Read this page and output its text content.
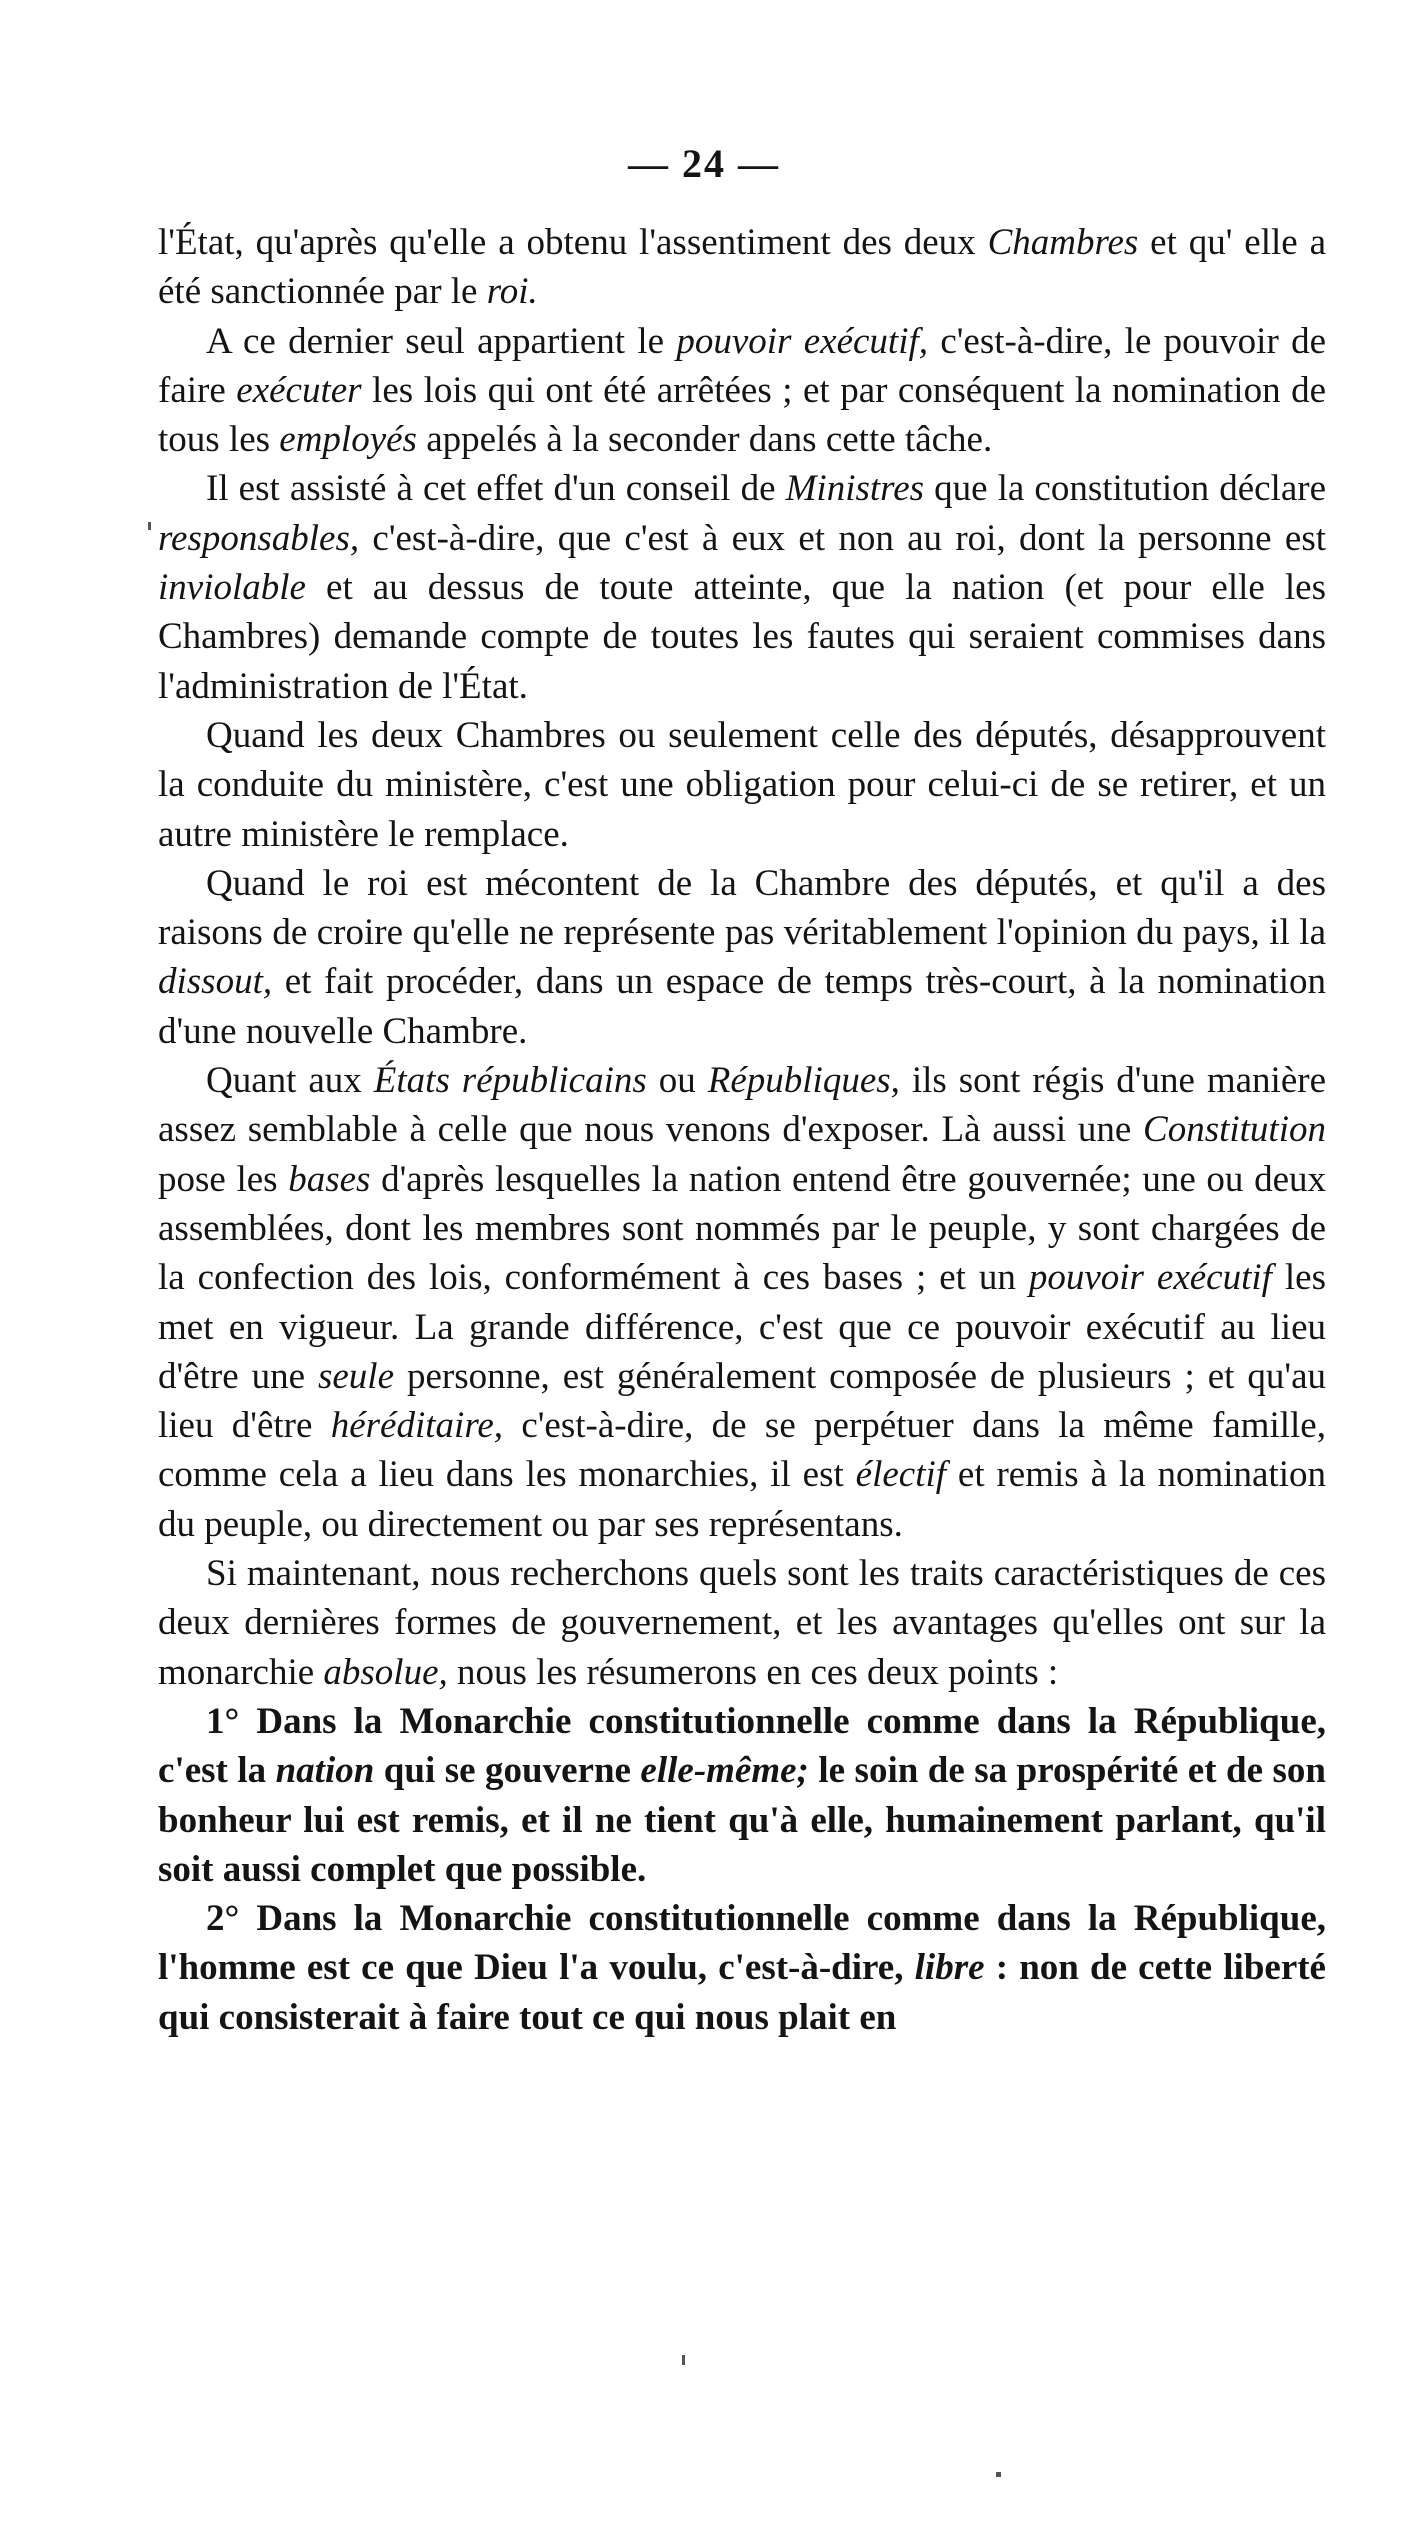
— 24 —

l'État, qu'après qu'elle a obtenu l'assentiment des deux Chambres et qu' elle a été sanctionnée par le roi.

A ce dernier seul appartient le pouvoir exécutif, c'est-à-dire, le pouvoir de faire exécuter les lois qui ont été arrêtées ; et par conséquent la nomination de tous les employés appelés à la seconder dans cette tâche.

Il est assisté à cet effet d'un conseil de Ministres que la constitution déclare responsables, c'est-à-dire, que c'est à eux et non au roi, dont la personne est inviolable et au dessus de toute atteinte, que la nation (et pour elle les Chambres) demande compte de toutes les fautes qui seraient commises dans l'administration de l'État.

Quand les deux Chambres ou seulement celle des députés, désapprouvent la conduite du ministère, c'est une obligation pour celui-ci de se retirer, et un autre ministère le remplace.

Quand le roi est mécontent de la Chambre des députés, et qu'il a des raisons de croire qu'elle ne représente pas véritablement l'opinion du pays, il la dissout, et fait procéder, dans un espace de temps très-court, à la nomination d'une nouvelle Chambre.

Quant aux États républicains ou Républiques, ils sont régis d'une manière assez semblable à celle que nous venons d'exposer. Là aussi une Constitution pose les bases d'après lesquelles la nation entend être gouvernée; une ou deux assemblées, dont les membres sont nommés par le peuple, y sont chargées de la confection des lois, conformément à ces bases ; et un pouvoir exécutif les met en vigueur. La grande différence, c'est que ce pouvoir exécutif au lieu d'être une seule personne, est généralement composée de plusieurs ; et qu'au lieu d'être héréditaire, c'est-à-dire, de se perpétuer dans la même famille, comme cela a lieu dans les monarchies, il est électif et remis à la nomination du peuple, ou directement ou par ses représentans.

Si maintenant, nous recherchons quels sont les traits caractéristiques de ces deux dernières formes de gouvernement, et les avantages qu'elles ont sur la monarchie absolue, nous les résumerons en ces deux points :

1° Dans la Monarchie constitutionnelle comme dans la République, c'est la nation qui se gouverne elle-même; le soin de sa prospérité et de son bonheur lui est remis, et il ne tient qu'à elle, humainement parlant, qu'il soit aussi complet que possible.

2° Dans la Monarchie constitutionnelle comme dans la République, l'homme est ce que Dieu l'a voulu, c'est-à-dire, libre : non de cette liberté qui consisterait à faire tout ce qui nous plait en
